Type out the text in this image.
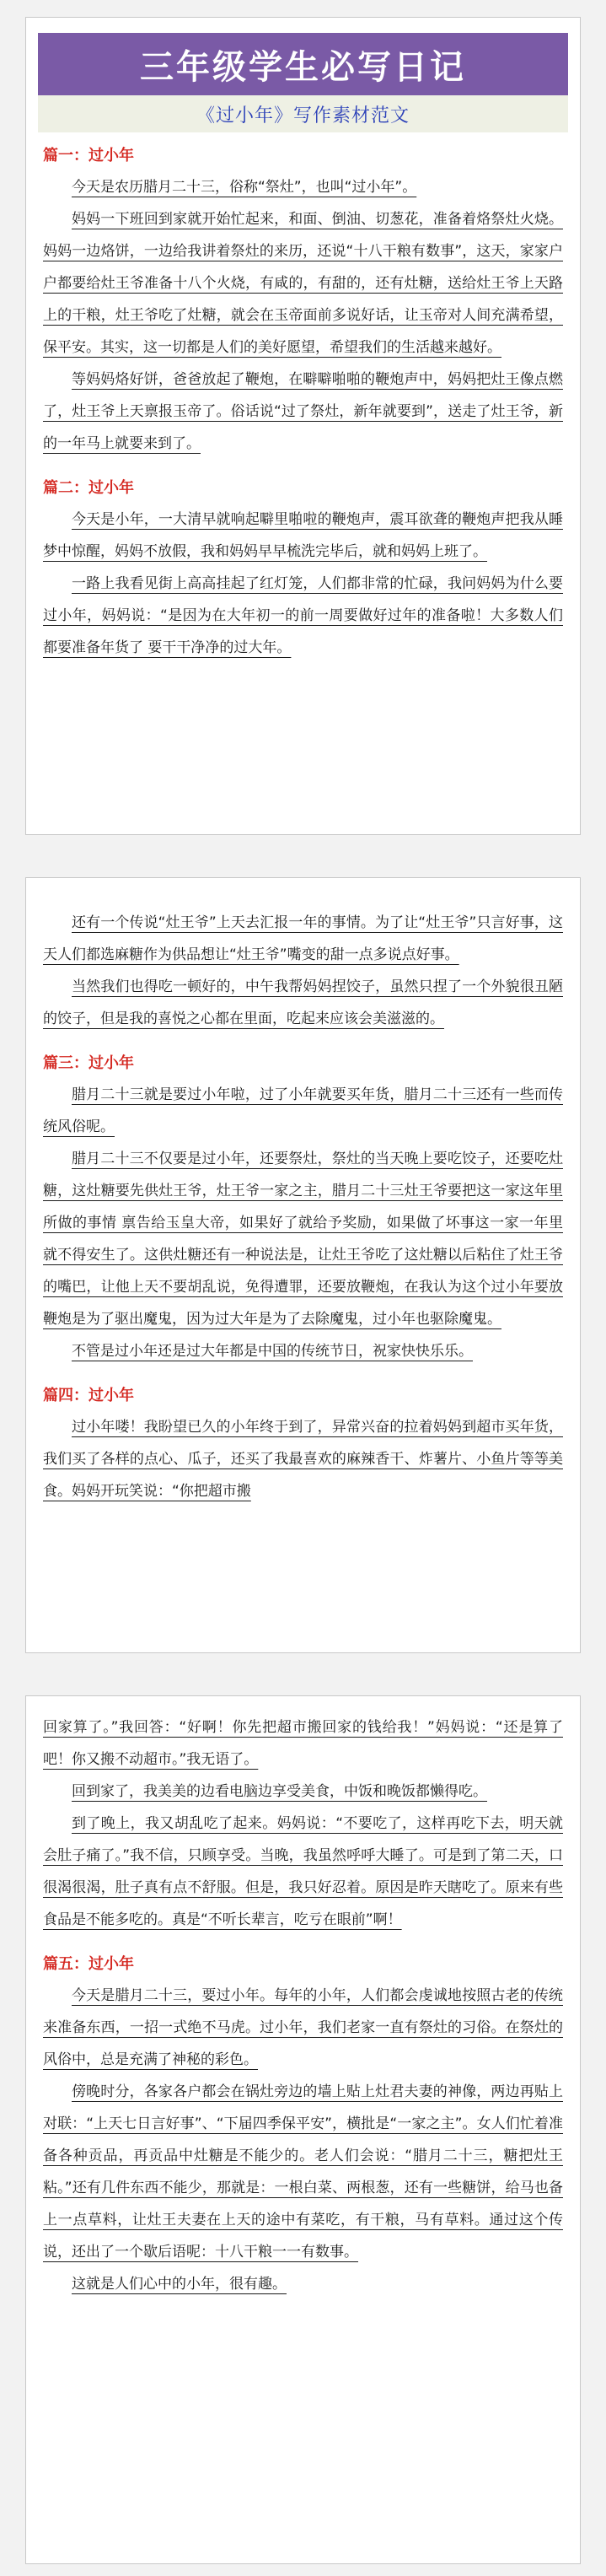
三年级学生必写日记
《过小年》写作素材范文
篇一：过小年

今天是农历腊月二十三，俗称“祭灶”，也叫“过小年”。

妈妈一下班回到家就开始忙起来，和面、倒油、切葱花，准备着烙祭灶火烧。妈妈一边烙饼，一边给我讲着祭灶的来历，还说“十八干粮有数事”，这天，家家户户都要给灶王爷准备十八个火烧，有咸的，有甜的，还有灶糖，送给灶王爷上天路上的干粮，灶王爷吃了灶糖，就会在玉帝面前多说好话，让玉帝对人间充满希望，保平安。其实，这一切都是人们的美好愿望，希望我们的生活越来越好。

等妈妈烙好饼，爸爸放起了鞭炮，在噼噼啪啪的鞭炮声中，妈妈把灶王像点燃了，灶王爷上天禀报玉帝了。俗话说“过了祭灶，新年就要到”，送走了灶王爷，新的一年马上就要来到了。

篇二：过小年

今天是小年，一大清早就响起噼里啪啦的鞭炮声，震耳欲聋的鞭炮声把我从睡梦中惊醒，妈妈不放假，我和妈妈早早梳洗完毕后，就和妈妈上班了。

一路上我看见街上高高挂起了红灯笼，人们都非常的忙碌，我问妈妈为什么要过小年，妈妈说：“是因为在大年初一的前一周要做好过年的准备啦！大多数人们都要准备年货了 要干干净净的过大年。

还有一个传说“灶王爷”上天去汇报一年的事情。为了让“灶王爷”只言好事，这天人们都选麻糖作为供品想让“灶王爷”嘴变的甜一点多说点好事。

当然我们也得吃一顿好的，中午我帮妈妈捏饺子，虽然只捏了一个外貌很丑陋的饺子，但是我的喜悦之心都在里面，吃起来应该会美滋滋的。

篇三：过小年

腊月二十三就是要过小年啦，过了小年就要买年货，腊月二十三还有一些而传统风俗呢。

腊月二十三不仅要是过小年，还要祭灶，祭灶的当天晚上要吃饺子，还要吃灶糖，这灶糖要先供灶王爷，灶王爷一家之主，腊月二十三灶王爷要把这一家这年里所做的事情 禀告给玉皇大帝，如果好了就给予奖励，如果做了坏事这一家一年里就不得安生了。这供灶糖还有一种说法是，让灶王爷吃了这灶糖以后粘住了灶王爷的嘴巴，让他上天不要胡乱说，免得遭罪，还要放鞭炮，在我认为这个过小年要放鞭炮是为了驱出魔鬼，因为过大年是为了去除魔鬼，过小年也驱除魔鬼。

不管是过小年还是过大年都是中国的传统节日，祝家快快乐乐。

篇四：过小年

过小年喽！我盼望已久的小年终于到了，异常兴奋的拉着妈妈到超市买年货，我们买了各样的点心、瓜子，还买了我最喜欢的麻辣香干、炸薯片、小鱼片等等美食。妈妈开玩笑说：“你把超市搬

回家算了。”我回答：“好啊！你先把超市搬回家的钱给我！”妈妈说：“还是算了吧！你又搬不动超市。”我无语了。

回到家了，我美美的边看电脑边享受美食，中饭和晚饭都懒得吃。

到了晚上，我又胡乱吃了起来。妈妈说：“不要吃了，这样再吃下去，明天就会肚子痛了。”我不信，只顾享受。当晚，我虽然呼呼大睡了。可是到了第二天，口很渴很渴，肚子真有点不舒服。但是，我只好忍着。原因是昨天瞎吃了。原来有些食品是不能多吃的。真是“不听长辈言，吃亏在眼前”啊！

篇五：过小年

今天是腊月二十三，要过小年。每年的小年，人们都会虔诚地按照古老的传统来准备东西，一招一式绝不马虎。过小年，我们老家一直有祭灶的习俗。在祭灶的风俗中，总是充满了神秘的彩色。

傍晚时分，各家各户都会在锅灶旁边的墙上贴上灶君夫妻的神像，两边再贴上对联：“上天七日言好事”、“下届四季保平安”，横批是“一家之主”。女人们忙着准备各种贡品，再贡品中灶糖是不能少的。老人们会说：“腊月二十三，糖把灶王粘。”还有几件东西不能少，那就是：一根白菜、两根葱，还有一些糖饼，给马也备上一点草料，让灶王夫妻在上天的途中有菜吃，有干粮，马有草料。通过这个传说，还出了一个歇后语呢：十八干粮一一有数事。

这就是人们心中的小年，很有趣。
